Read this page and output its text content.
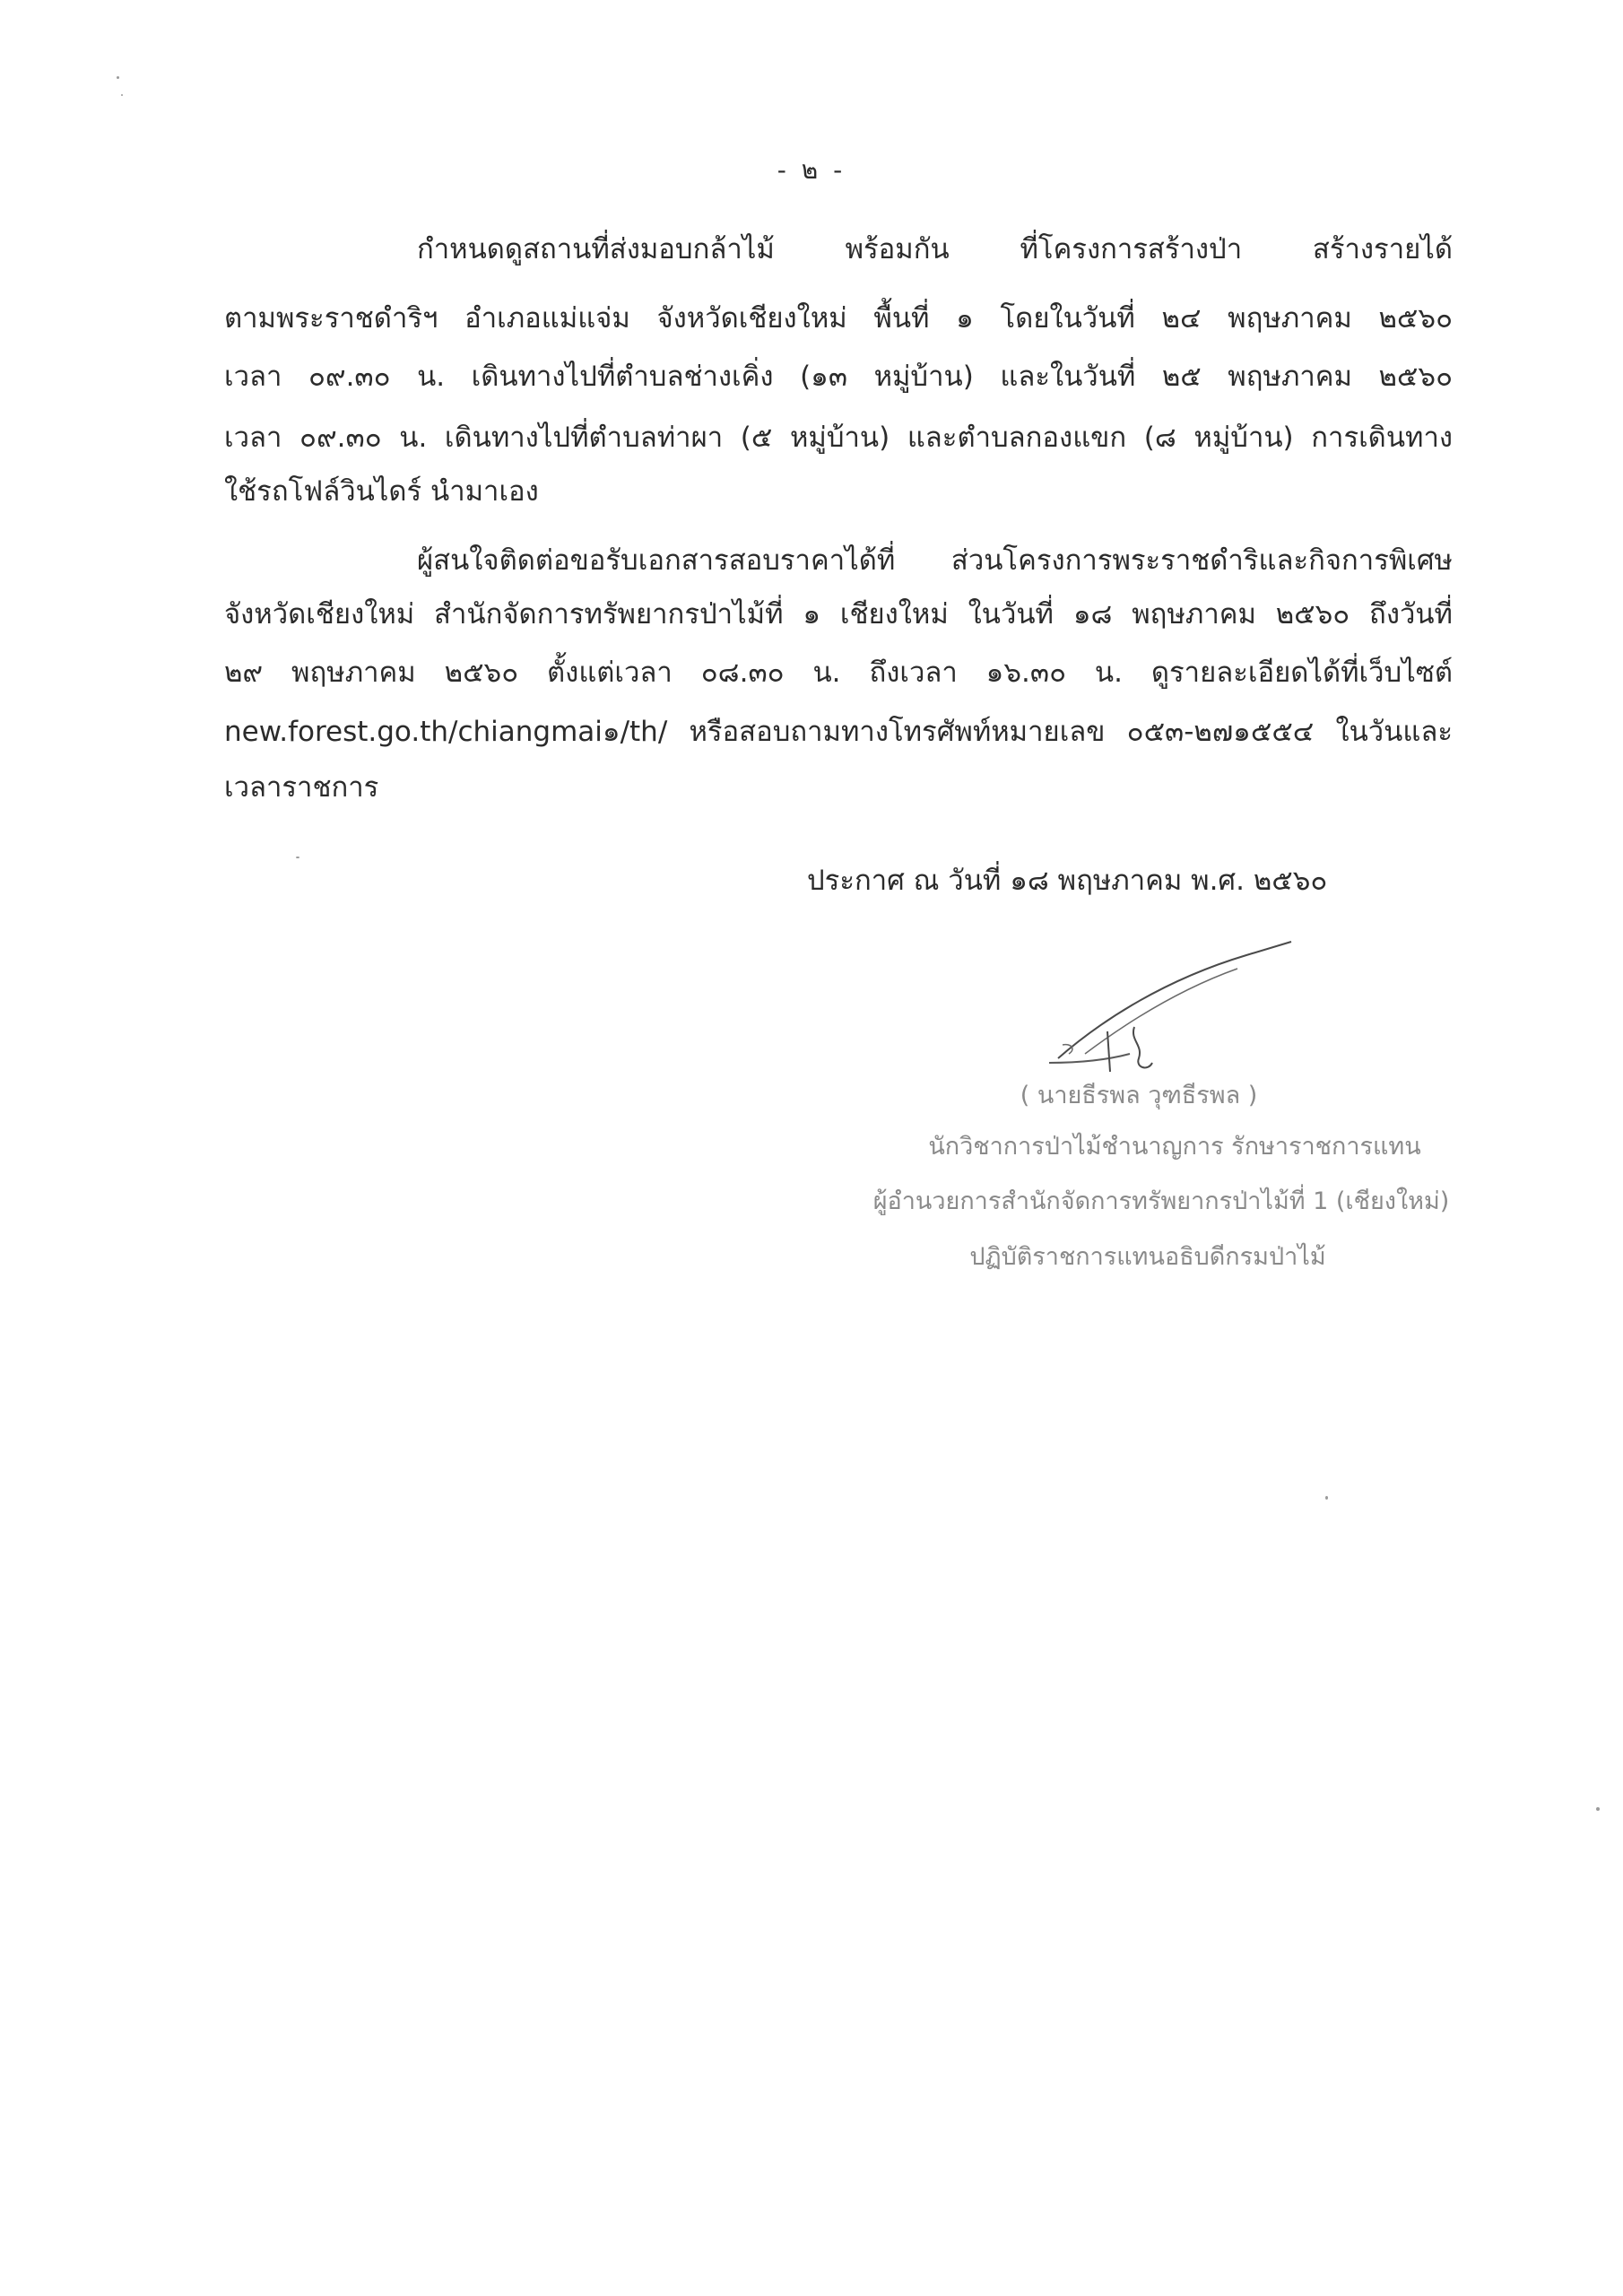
- ๒ -
กำหนดดูสถานที่ส่งมอบกล้าไม้ พร้อมกัน ที่โครงการสร้างป่า สร้างรายได้
ตามพระราชดำริฯ อำเภอแม่แจ่ม จังหวัดเชียงใหม่ พื้นที่ ๑ โดยในวันที่ ๒๔ พฤษภาคม ๒๕๖๐
เวลา ๐๙.๓๐ น. เดินทางไปที่ตำบลช่างเคิ่ง (๑๓ หมู่บ้าน) และในวันที่ ๒๕ พฤษภาคม ๒๕๖๐
เวลา ๐๙.๓๐ น. เดินทางไปที่ตำบลท่าผา (๕ หมู่บ้าน) และตำบลกองแขก (๘ หมู่บ้าน) การเดินทาง
ใช้รถโฟล์วินไดร์ นำมาเอง
ผู้สนใจติดต่อขอรับเอกสารสอบราคาได้ที่ ส่วนโครงการพระราชดำริและกิจการพิเศษ
จังหวัดเชียงใหม่ สำนักจัดการทรัพยากรป่าไม้ที่ ๑ เชียงใหม่ ในวันที่ ๑๘ พฤษภาคม ๒๕๖๐ ถึงวันที่
๒๙ พฤษภาคม ๒๕๖๐ ตั้งแต่เวลา ๐๘.๓๐ น. ถึงเวลา ๑๖.๓๐ น. ดูรายละเอียดได้ที่เว็บไซต์
new.forest.go.th/chiangmai๑/th/ หรือสอบถามทางโทรศัพท์หมายเลข ๐๕๓-๒๗๑๕๕๔ ในวันและ
เวลาราชการ
ประกาศ ณ วันที่ ๑๘ พฤษภาคม พ.ศ. ๒๕๖๐
( นายธีรพล วุฑธีรพล )
นักวิชาการป่าไม้ชำนาญการ รักษาราชการแทน
ผู้อำนวยการสำนักจัดการทรัพยากรป่าไม้ที่ 1 (เชียงใหม่)
ปฏิบัติราชการแทนอธิบดีกรมป่าไม้
